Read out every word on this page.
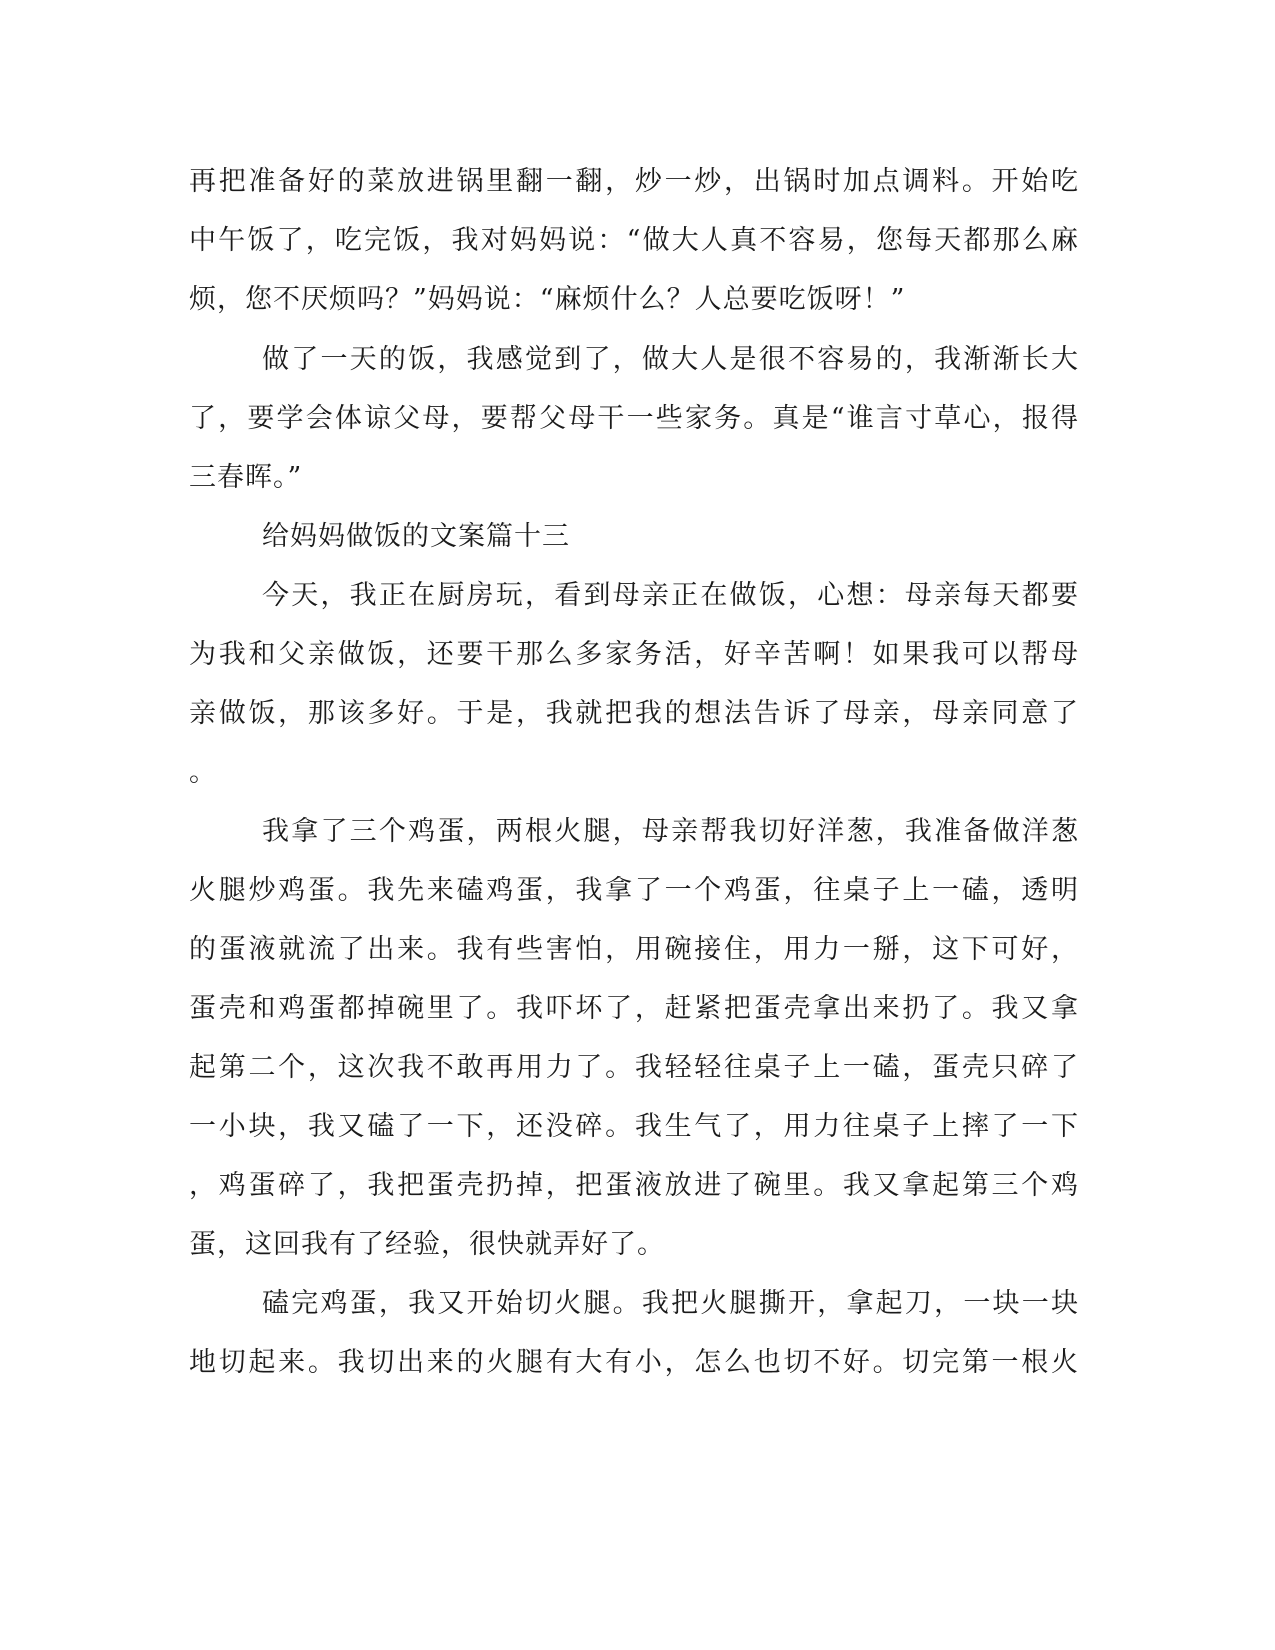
再把准备好的菜放进锅里翻一翻，炒一炒，出锅时加点调料。开始吃
中午饭了，吃完饭，我对妈妈说：“做大人真不容易，您每天都那么麻
烦，您不厌烦吗？”妈妈说：“麻烦什么？人总要吃饭呀！”
做了一天的饭，我感觉到了，做大人是很不容易的，我渐渐长大
了，要学会体谅父母，要帮父母干一些家务。真是“谁言寸草心，报得
三春晖。”
给妈妈做饭的文案篇十三
今天，我正在厨房玩，看到母亲正在做饭，心想：母亲每天都要
为我和父亲做饭，还要干那么多家务活，好辛苦啊！如果我可以帮母
亲做饭，那该多好。于是，我就把我的想法告诉了母亲，母亲同意了
。
我拿了三个鸡蛋，两根火腿，母亲帮我切好洋葱，我准备做洋葱
火腿炒鸡蛋。我先来磕鸡蛋，我拿了一个鸡蛋，往桌子上一磕，透明
的蛋液就流了出来。我有些害怕，用碗接住，用力一掰，这下可好，
蛋壳和鸡蛋都掉碗里了。我吓坏了，赶紧把蛋壳拿出来扔了。我又拿
起第二个，这次我不敢再用力了。我轻轻往桌子上一磕，蛋壳只碎了
一小块，我又磕了一下，还没碎。我生气了，用力往桌子上摔了一下
，鸡蛋碎了，我把蛋壳扔掉，把蛋液放进了碗里。我又拿起第三个鸡
蛋，这回我有了经验，很快就弄好了。
磕完鸡蛋，我又开始切火腿。我把火腿撕开，拿起刀，一块一块
地切起来。我切出来的火腿有大有小，怎么也切不好。切完第一根火
